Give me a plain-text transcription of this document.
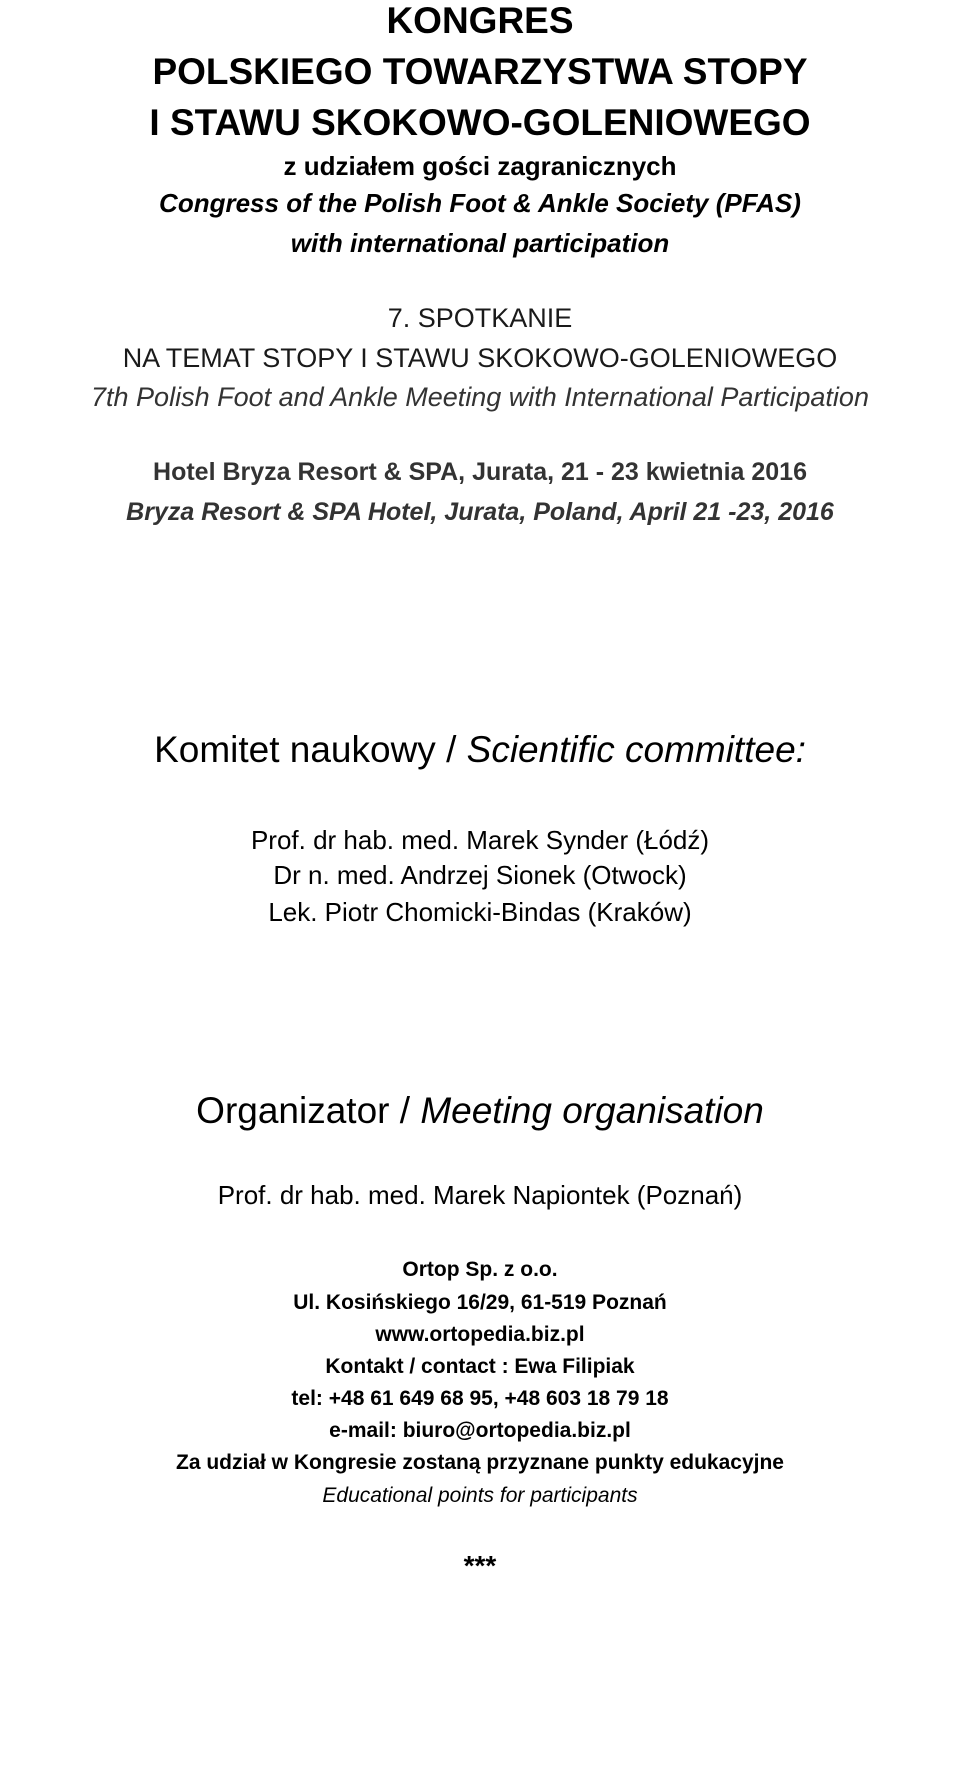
KONGRES
POLSKIEGO TOWARZYSTWA STOPY
I STAWU SKOKOWO-GOLENIOWEGO
z udziałem gości zagranicznych
Congress of the Polish Foot & Ankle Society (PFAS)
with international participation
7. SPOTKANIE
NA TEMAT STOPY I STAWU SKOKOWO-GOLENIOWEGO
7th Polish Foot and Ankle Meeting with International Participation
Hotel Bryza Resort & SPA, Jurata, 21 - 23 kwietnia 2016
Bryza Resort & SPA Hotel, Jurata, Poland, April 21 -23, 2016
Komitet naukowy / Scientific committee:
Prof. dr hab. med. Marek Synder (Łódź)
Dr n. med. Andrzej Sionek (Otwock)
Lek. Piotr Chomicki-Bindas (Kraków)
Organizator / Meeting organisation
Prof. dr hab. med. Marek Napiontek (Poznań)
Ortop Sp. z o.o.
Ul. Kosińskiego 16/29, 61-519 Poznań
www.ortopedia.biz.pl
Kontakt / contact : Ewa Filipiak
tel: +48 61 649 68 95, +48 603 18 79 18
e-mail: biuro@ortopedia.biz.pl
Za udział w Kongresie zostaną przyznane punkty edukacyjne
Educational points for participants
***
